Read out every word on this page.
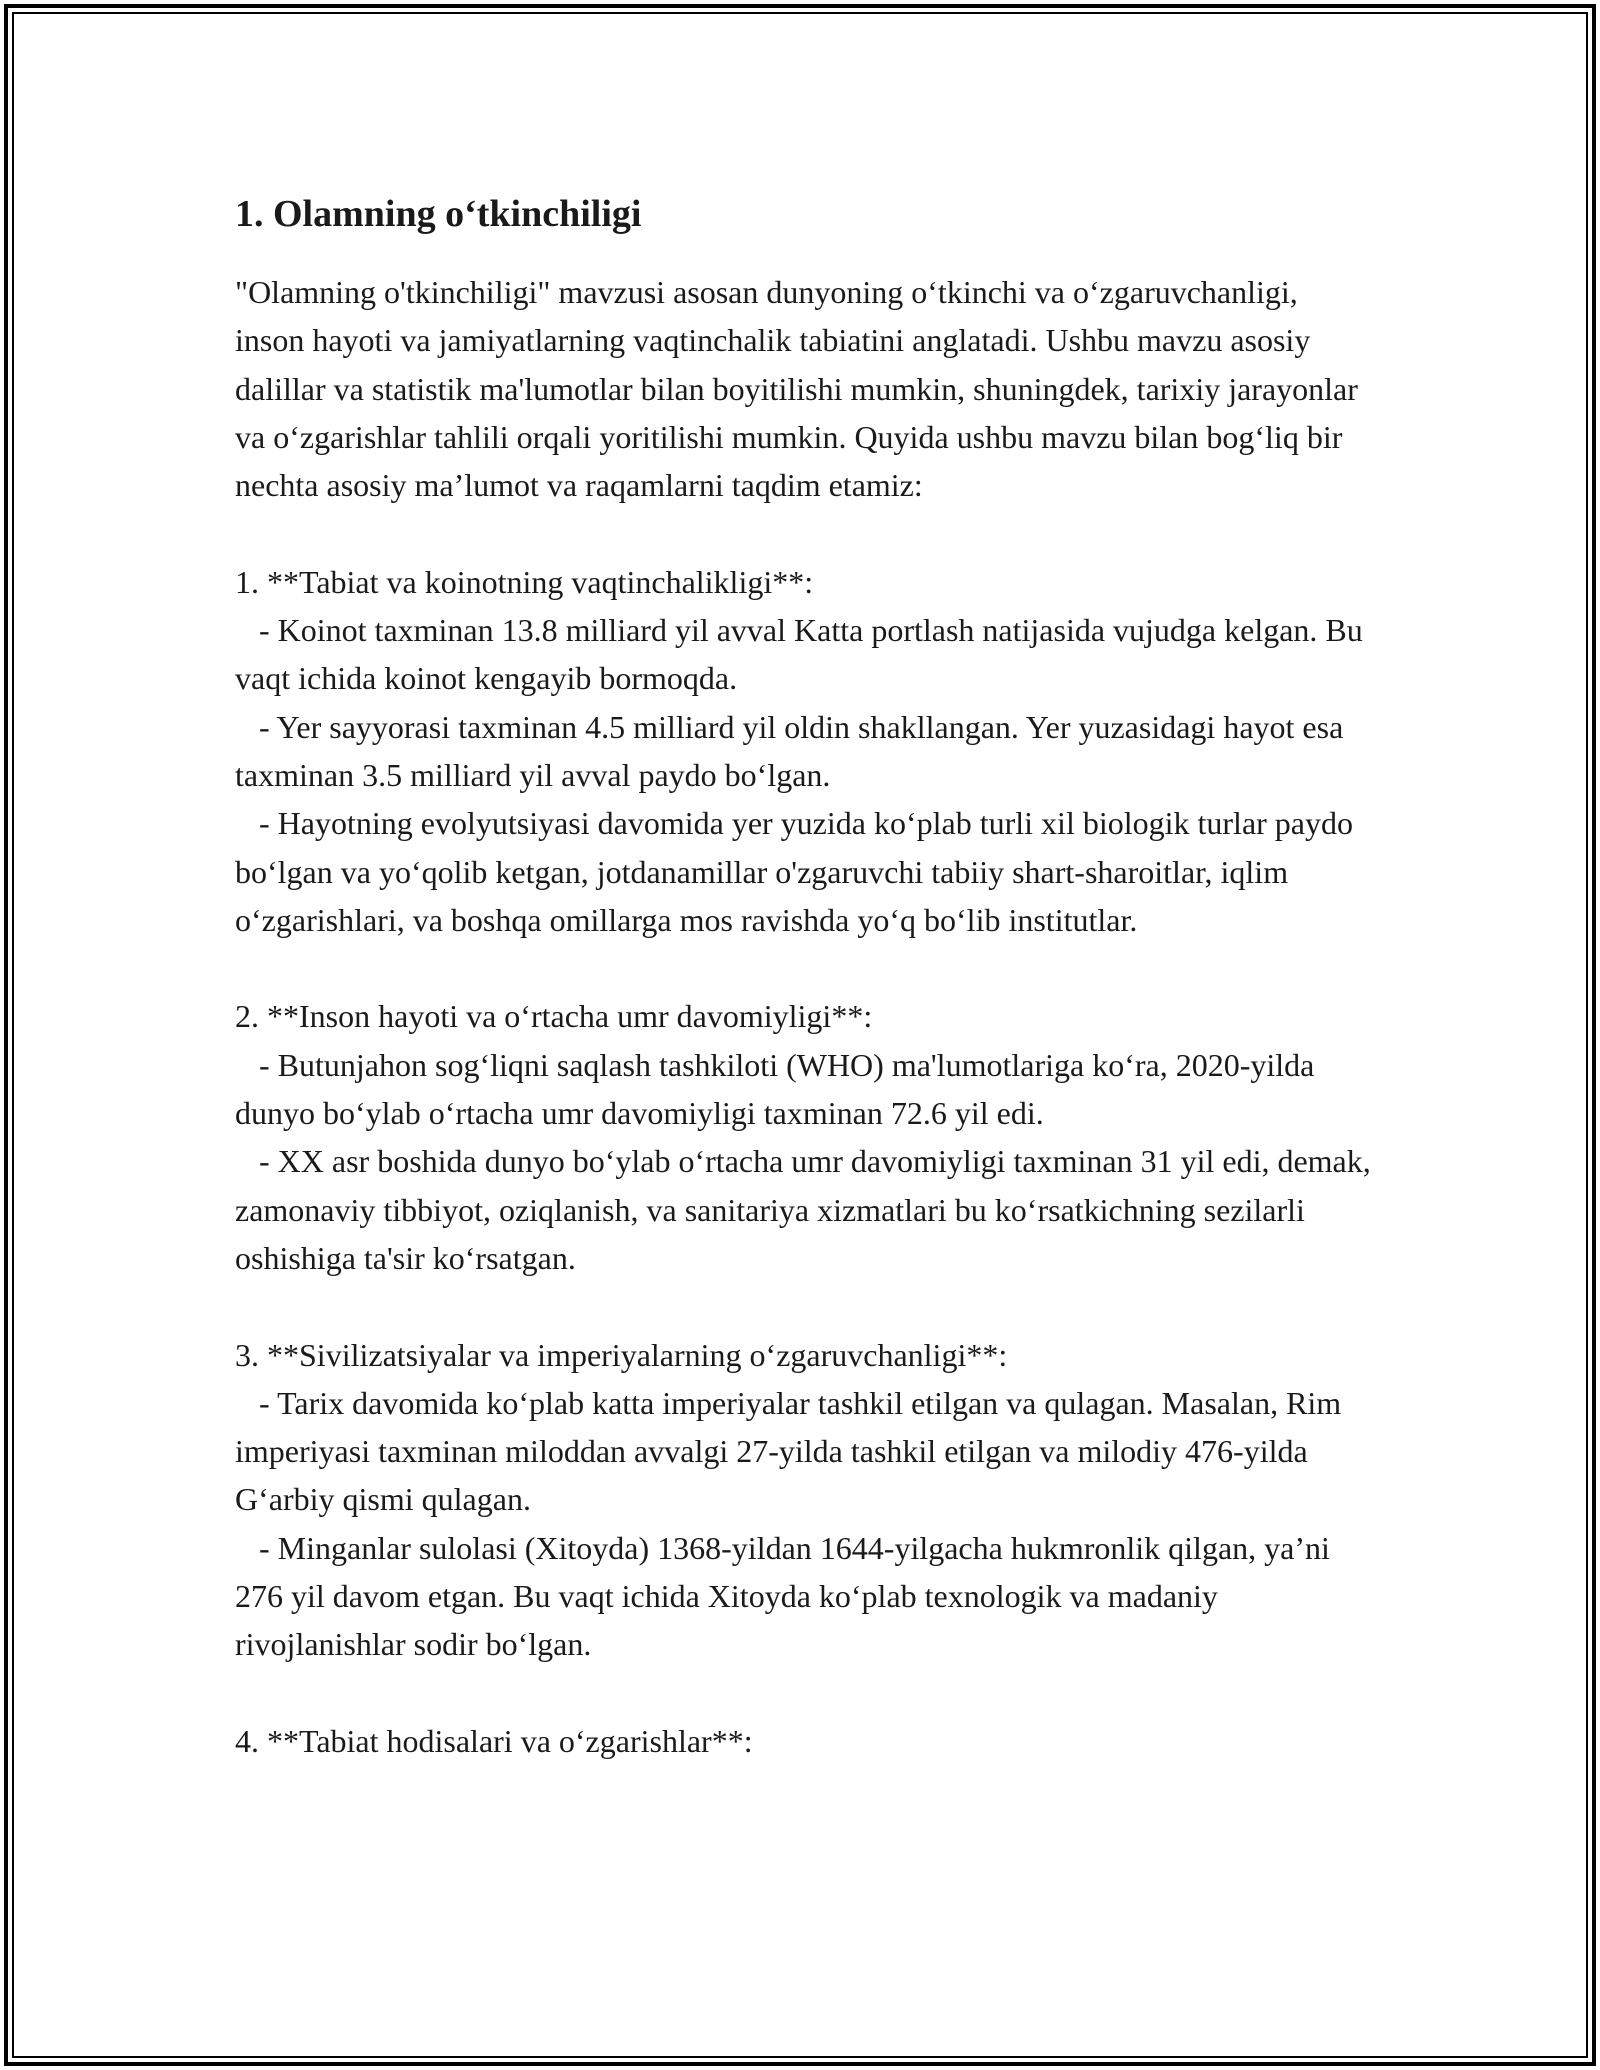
1. Olamning o‘tkinchiligi

"Olamning o'tkinchiligi" mavzusi asosan dunyoning o‘tkinchi va o‘zgaruvchanligi, inson hayoti va jamiyatlarning vaqtinchalik tabiatini anglatadi. Ushbu mavzu asosiy dalillar va statistik ma'lumotlar bilan boyitilishi mumkin, shuningdek, tarixiy jarayonlar va o‘zgarishlar tahlili orqali yoritilishi mumkin. Quyida ushbu mavzu bilan bog‘liq bir nechta asosiy ma’lumot va raqamlarni taqdim etamiz:

1. **Tabiat va koinotning vaqtinchalikligi**:

- Koinot taxminan 13.8 milliard yil avval Katta portlash natijasida vujudga kelgan. Bu vaqt ichida koinot kengayib bormoqda.

- Yer sayyorasi taxminan 4.5 milliard yil oldin shakllangan. Yer yuzasidagi hayot esa taxminan 3.5 milliard yil avval paydo bo‘lgan.

- Hayotning evolyutsiyasi davomida yer yuzida ko‘plab turli xil biologik turlar paydo bo‘lgan va yo‘qolib ketgan, jotdanamillar o'zgaruvchi tabiiy shart-sharoitlar, iqlim o‘zgarishlari, va boshqa omillarga mos ravishda yo‘q bo‘lib institutlar.

2. **Inson hayoti va o‘rtacha umr davomiyligi**:

- Butunjahon sog‘liqni saqlash tashkiloti (WHO) ma'lumotlariga ko‘ra, 2020-yilda dunyo bo‘ylab o‘rtacha umr davomiyligi taxminan 72.6 yil edi.

- XX asr boshida dunyo bo‘ylab o‘rtacha umr davomiyligi taxminan 31 yil edi, demak, zamonaviy tibbiyot, oziqlanish, va sanitariya xizmatlari bu ko‘rsatkichning sezilarli oshishiga ta'sir ko‘rsatgan.

3. **Sivilizatsiyalar va imperiyalarning o‘zgaruvchanligi**:

- Tarix davomida ko‘plab katta imperiyalar tashkil etilgan va qulagan. Masalan, Rim imperiyasi taxminan miloddan avvalgi 27-yilda tashkil etilgan va milodiy 476-yilda G‘arbiy qismi qulagan.

- Minganlar sulolasi (Xitoyda) 1368-yildan 1644-yilgacha hukmronlik qilgan, ya’ni 276 yil davom etgan. Bu vaqt ichida Xitoyda ko‘plab texnologik va madaniy rivojlanishlar sodir bo‘lgan.

4. **Tabiat hodisalari va o‘zgarishlar**:
